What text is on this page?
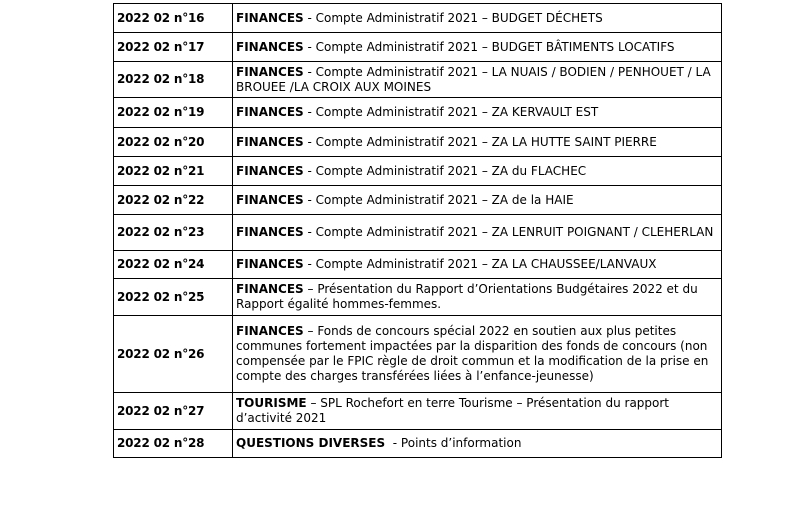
2022 02 n°16	FINANCES - Compte Administratif 2021 – BUDGET DÉCHETS
2022 02 n°17	FINANCES - Compte Administratif 2021 – BUDGET BÂTIMENTS LOCATIFS
2022 02 n°18	FINANCES - Compte Administratif 2021 – LA NUAIS / BODIEN / PENHOUET / LA BROUEE /LA CROIX AUX MOINES
2022 02 n°19	FINANCES - Compte Administratif 2021 – ZA KERVAULT EST
2022 02 n°20	FINANCES - Compte Administratif 2021 – ZA LA HUTTE SAINT PIERRE
2022 02 n°21	FINANCES - Compte Administratif 2021 – ZA du FLACHEC
2022 02 n°22	FINANCES - Compte Administratif 2021 – ZA de la HAIE
2022 02 n°23	FINANCES - Compte Administratif 2021 – ZA LENRUIT POIGNANT / CLEHERLAN
2022 02 n°24	FINANCES - Compte Administratif 2021 – ZA LA CHAUSSEE/LANVAUX
2022 02 n°25	FINANCES – Présentation du Rapport d’Orientations Budgétaires 2022 et du Rapport égalité hommes-femmes.
2022 02 n°26	FINANCES – Fonds de concours spécial 2022 en soutien aux plus petites communes fortement impactées par la disparition des fonds de concours (non compensée par le FPIC règle de droit commun et la modification de la prise en compte des charges transférées liées à l’enfance-jeunesse)
2022 02 n°27	TOURISME – SPL Rochefort en terre Tourisme – Présentation du rapport d’activité 2021
2022 02 n°28	QUESTIONS DIVERSES  - Points d’information
